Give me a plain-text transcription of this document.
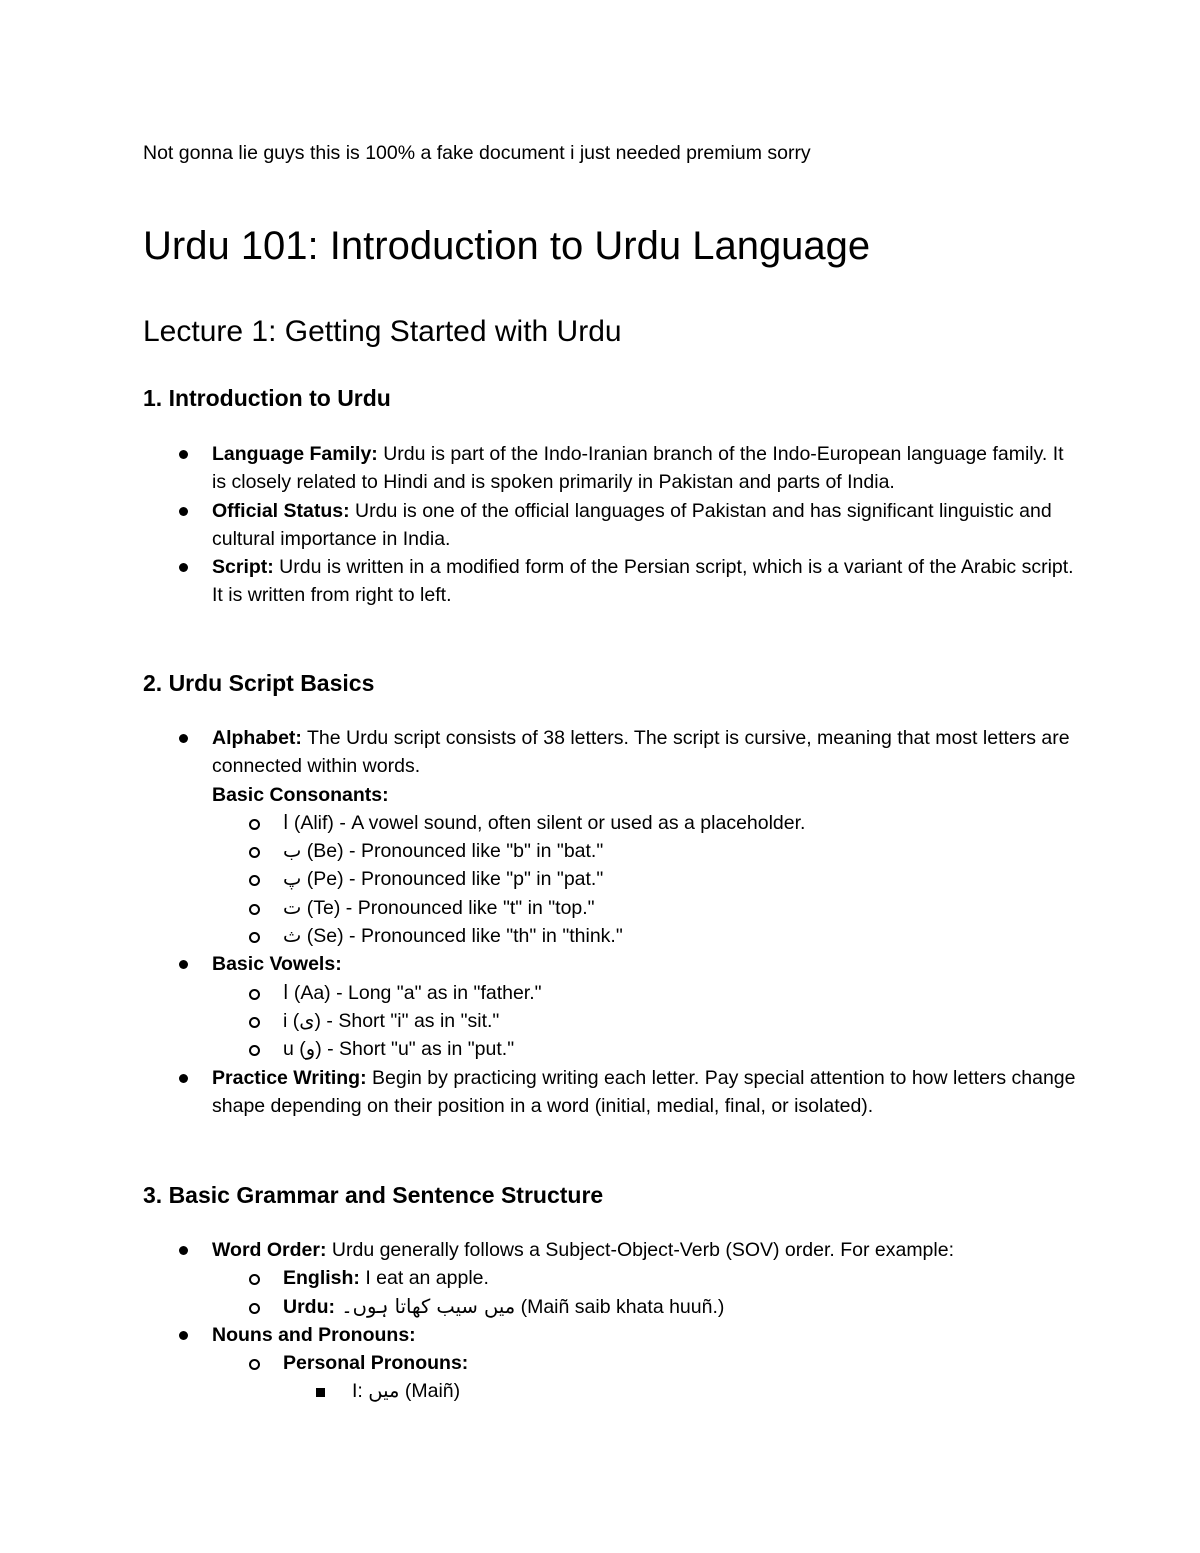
Not gonna lie guys this is 100% a fake document i just needed premium sorry

Urdu 101: Introduction to Urdu Language
Lecture 1: Getting Started with Urdu
1. Introduction to Urdu
Language Family: Urdu is part of the Indo-Iranian branch of the Indo-European language family. It is closely related to Hindi and is spoken primarily in Pakistan and parts of India.
Official Status: Urdu is one of the official languages of Pakistan and has significant linguistic and cultural importance in India.
Script: Urdu is written in a modified form of the Persian script, which is a variant of the Arabic script. It is written from right to left.
2. Urdu Script Basics
Alphabet: The Urdu script consists of 38 letters. The script is cursive, meaning that most letters are connected within words.
Basic Consonants:
ا (Alif) - A vowel sound, often silent or used as a placeholder.
ب (Be) - Pronounced like "b" in "bat."
پ (Pe) - Pronounced like "p" in "pat."
ت (Te) - Pronounced like "t" in "top."
ث (Se) - Pronounced like "th" in "think."
Basic Vowels:
ا (Aa) - Long "a" as in "father."
i (ی) - Short "i" as in "sit."
u (و) - Short "u" as in "put."
Practice Writing: Begin by practicing writing each letter. Pay special attention to how letters change shape depending on their position in a word (initial, medial, final, or isolated).
3. Basic Grammar and Sentence Structure
Word Order: Urdu generally follows a Subject-Object-Verb (SOV) order. For example:
English: I eat an apple.
Urdu: میں سیب کھاتا ہوں۔ (Maiñ saib khata huuñ.)
Nouns and Pronouns:
Personal Pronouns:
I: میں (Maiñ)
